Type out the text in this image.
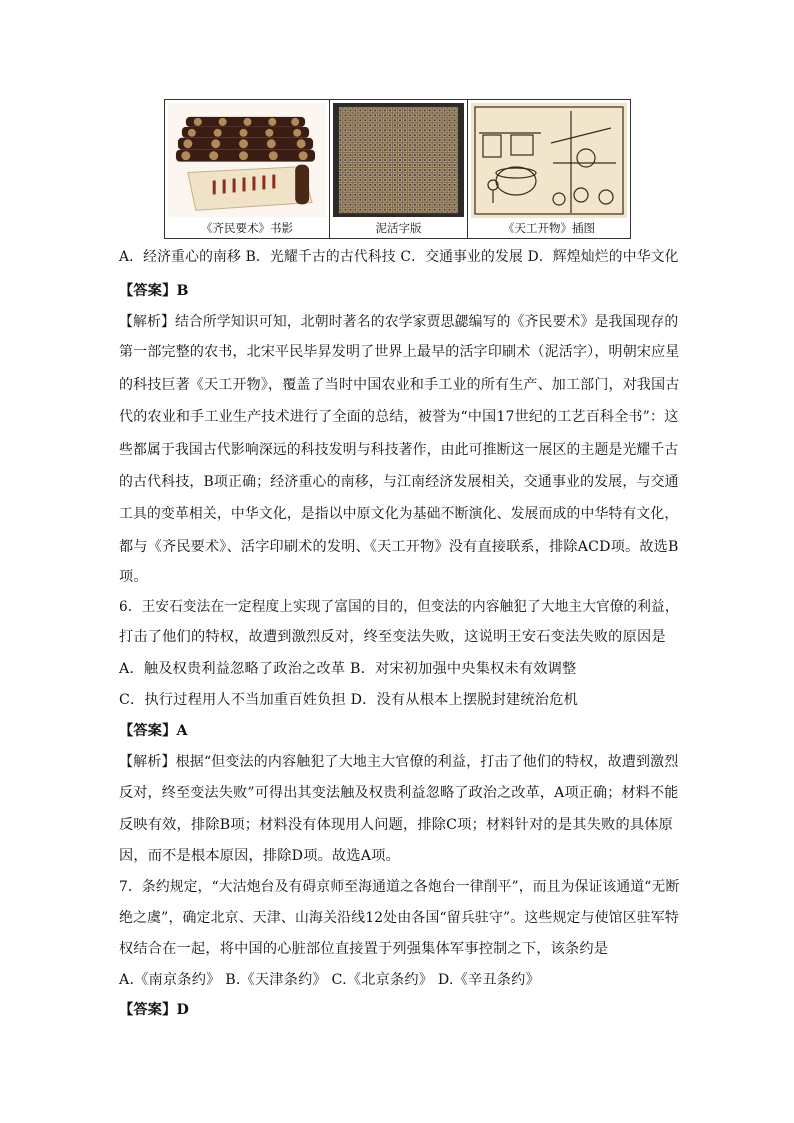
《齐民要术》书影	泥活字版	《天工开物》插图
A．经济重心的南移 B．光耀千古的古代科技 C．交通事业的发展 D．辉煌灿烂的中华文化
【答案】B
【解析】结合所学知识可知，北朝时著名的农学家贾思勰编写的《齐民要术》是我国现存的
第一部完整的农书，北宋平民毕昇发明了世界上最早的活字印刷术（泥活字），明朝宋应星
的科技巨著《天工开物》，覆盖了当时中国农业和手工业的所有生产、加工部门，对我国古
代的农业和手工业生产技术进行了全面的总结，被誉为“中国17世纪的工艺百科全书”：这
些都属于我国古代影响深远的科技发明与科技著作，由此可推断这一展区的主题是光耀千古
的古代科技，B项正确；经济重心的南移，与江南经济发展相关，交通事业的发展，与交通
工具的变革相关，中华文化，是指以中原文化为基础不断演化、发展而成的中华特有文化，
都与《齐民要术》、活字印刷术的发明、《天工开物》没有直接联系，排除ACD项。故选B
项。
6．王安石变法在一定程度上实现了富国的目的，但变法的内容触犯了大地主大官僚的利益，
打击了他们的特权，故遭到激烈反对，终至变法失败，这说明王安石变法失败的原因是
A．触及权贵利益忽略了政治之改革 B．对宋初加强中央集权未有效调整
C．执行过程用人不当加重百姓负担 D．没有从根本上摆脱封建统治危机
【答案】A
【解析】根据“但变法的内容触犯了大地主大官僚的利益，打击了他们的特权，故遭到激烈
反对，终至变法失败”可得出其变法触及权贵利益忽略了政治之改革，A项正确；材料不能
反映有效，排除B项；材料没有体现用人问题，排除C项；材料针对的是其失败的具体原
因，而不是根本原因，排除D项。故选A项。
7．条约规定，“大沽炮台及有碍京师至海通道之各炮台一律削平”，而且为保证该通道“无断
绝之虞”，确定北京、天津、山海关沿线12处由各国“留兵驻守”。这些规定与使馆区驻军特
权结合在一起，将中国的心脏部位直接置于列强集体军事控制之下，该条约是
A.《南京条约》 B.《天津条约》 C.《北京条约》 D.《辛丑条约》
【答案】D
